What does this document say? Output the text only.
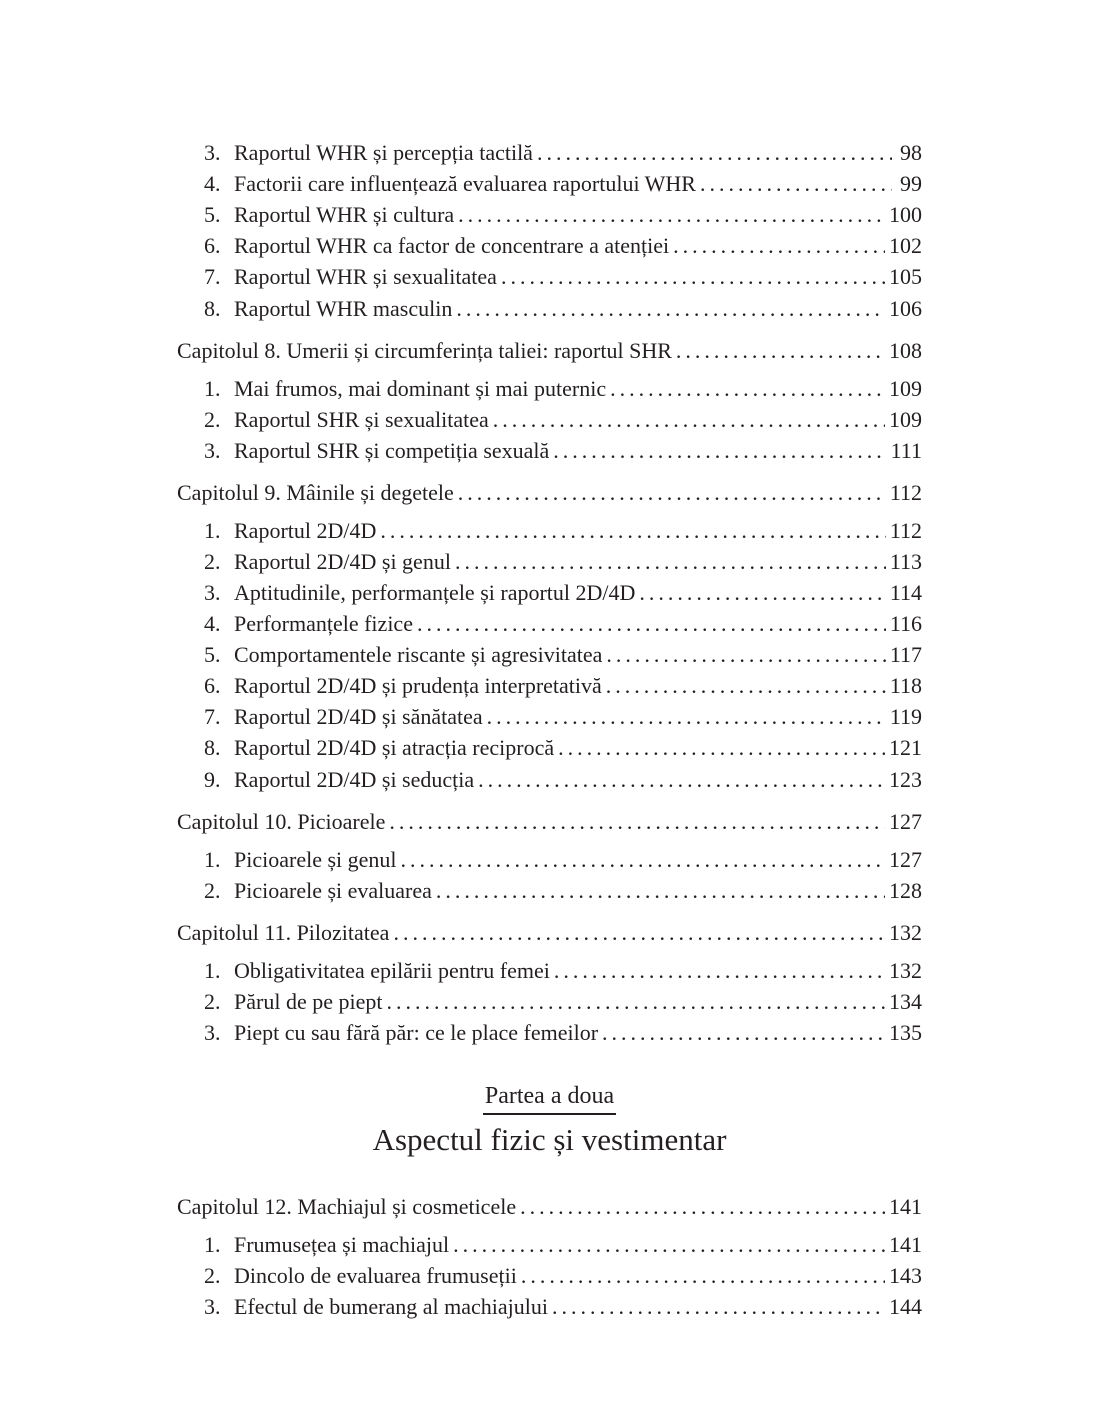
3. Raportul WHR și percepția tactilă . . .	98
4. Factorii care influențează evaluarea raportului WHR . . .	99
5. Raportul WHR și cultura . . .	100
6. Raportul WHR ca factor de concentrare a atenției . . .	102
7. Raportul WHR și sexualitatea . . .	105
8. Raportul WHR masculin . . .	106
Capitolul 8. Umerii și circumferința taliei: raportul SHR . . .	108
1. Mai frumos, mai dominant și mai puternic . . .	109
2. Raportul SHR și sexualitatea . . .	109
3. Raportul SHR și competiția sexuală . . .	111
Capitolul 9. Mâinile și degetele . . .	112
1. Raportul 2D/4D . . .	112
2. Raportul 2D/4D și genul . . .	113
3. Aptitudinile, performanțele și raportul 2D/4D . . .	114
4. Performanțele fizice . . .	116
5. Comportamentele riscante și agresivitatea . . .	117
6. Raportul 2D/4D și prudența interpretativă . . .	118
7. Raportul 2D/4D și sănătatea . . .	119
8. Raportul 2D/4D și atracția reciprocă . . .	121
9. Raportul 2D/4D și seducția . . .	123
Capitolul 10. Picioarele . . .	127
1. Picioarele și genul . . .	127
2. Picioarele și evaluarea . . .	128
Capitolul 11. Pilozitatea . . .	132
1. Obligativitatea epilării pentru femei . . .	132
2. Părul de pe piept . . .	134
3. Piept cu sau fără păr: ce le place femeilor . . .	135
Partea a doua
Aspectul fizic și vestimentar
Capitolul 12. Machiajul și cosmeticele . . .	141
1. Frumusețea și machiajul . . .	141
2. Dincolo de evaluarea frumuseții . . .	143
3. Efectul de bumerang al machiajului . . .	144
